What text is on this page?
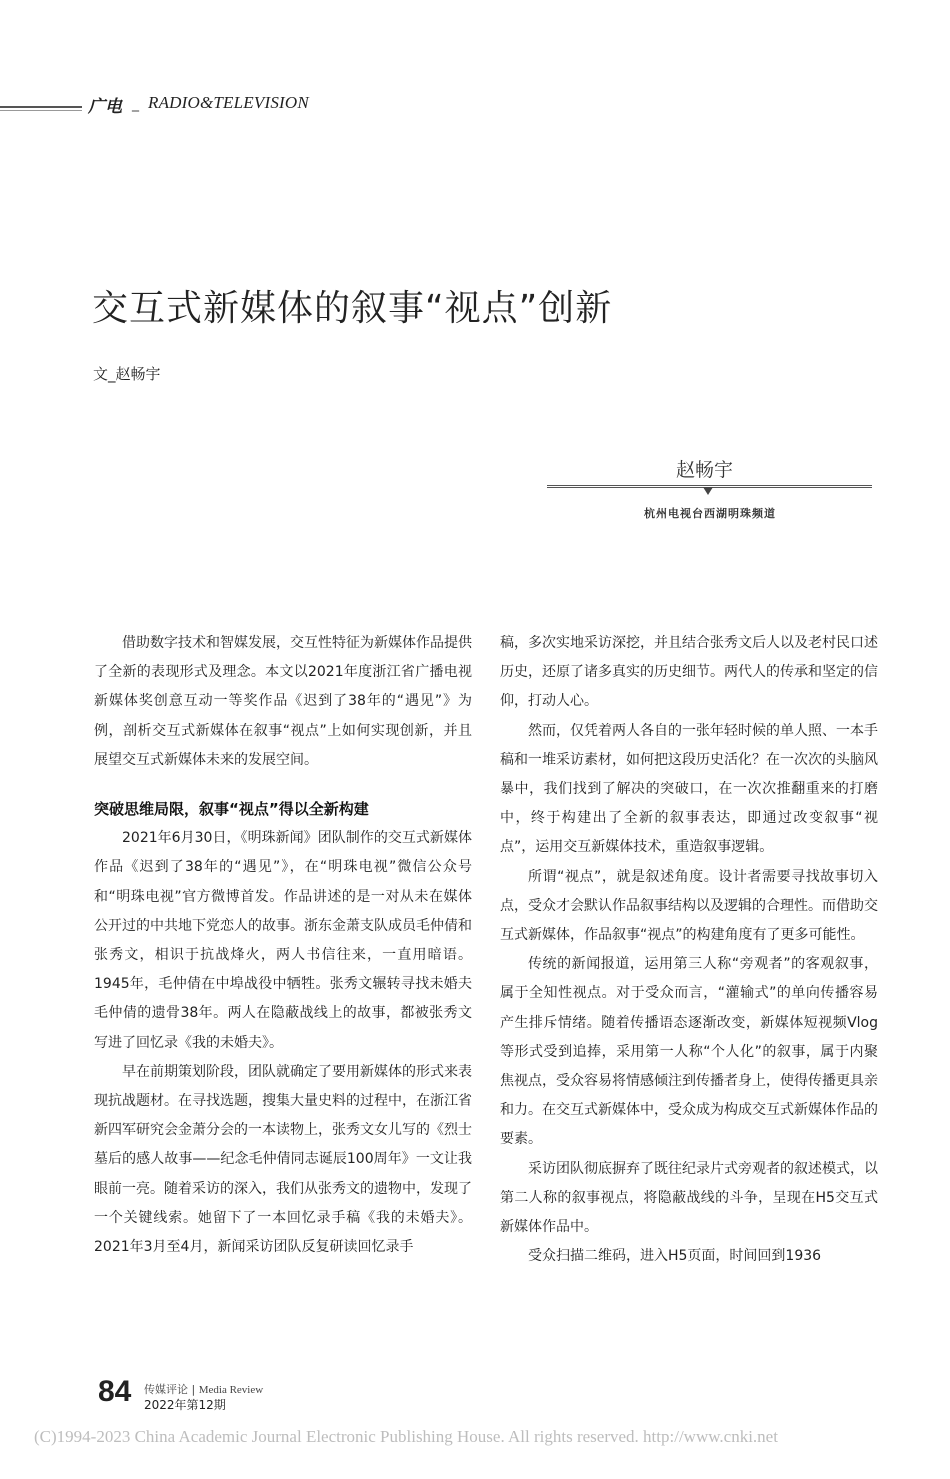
广电 _ RADIO&TELEVISION
交互式新媒体的叙事“视点”创新
文_赵畅宇
赵畅宇
杭州电视台西湖明珠频道

借助数字技术和智媒发展，交互性特征为新媒体作品提供了全新的表现形式及理念。本文以2021年度浙江省广播电视新媒体奖创意互动一等奖作品《迟到了38年的“遇见”》为例，剖析交互式新媒体在叙事“视点”上如何实现创新，并且展望交互式新媒体未来的发展空间。

突破思维局限，叙事“视点”得以全新构建

2021年6月30日，《明珠新闻》团队制作的交互式新媒体作品《迟到了38年的“遇见”》，在“明珠电视”微信公众号和“明珠电视”官方微博首发。作品讲述的是一对从未在媒体公开过的中共地下党恋人的故事。浙东金萧支队成员毛仲倩和张秀文，相识于抗战烽火，两人书信往来，一直用暗语。1945年，毛仲倩在中埠战役中牺牲。张秀文辗转寻找未婚夫毛仲倩的遗骨38年。两人在隐蔽战线上的故事，都被张秀文写进了回忆录《我的未婚夫》。

早在前期策划阶段，团队就确定了要用新媒体的形式来表现抗战题材。在寻找选题，搜集大量史料的过程中，在浙江省新四军研究会金萧分会的一本读物上，张秀文女儿写的《烈士墓后的感人故事——纪念毛仲倩同志诞辰100周年》一文让我眼前一亮。随着采访的深入，我们从张秀文的遗物中，发现了一个关键线索。她留下了一本回忆录手稿《我的未婚夫》。2021年3月至4月，新闻采访团队反复研读回忆录手

稿，多次实地采访深挖，并且结合张秀文后人以及老村民口述历史，还原了诸多真实的历史细节。两代人的传承和坚定的信仰，打动人心。

然而，仅凭着两人各自的一张年轻时候的单人照、一本手稿和一堆采访素材，如何把这段历史活化？在一次次的头脑风暴中，我们找到了解决的突破口，在一次次推翻重来的打磨中，终于构建出了全新的叙事表达，即通过改变叙事“视点”，运用交互新媒体技术，重造叙事逻辑。

所谓“视点”，就是叙述角度。设计者需要寻找故事切入点，受众才会默认作品叙事结构以及逻辑的合理性。而借助交互式新媒体，作品叙事“视点”的构建角度有了更多可能性。

传统的新闻报道，运用第三人称“旁观者”的客观叙事，属于全知性视点。对于受众而言，“灌输式”的单向传播容易产生排斥情绪。随着传播语态逐渐改变，新媒体短视频Vlog等形式受到追捧，采用第一人称“个人化”的叙事，属于内聚焦视点，受众容易将情感倾注到传播者身上，使得传播更具亲和力。在交互式新媒体中，受众成为构成交互式新媒体作品的要素。

采访团队彻底摒弃了既往纪录片式旁观者的叙述模式，以第二人称的叙事视点，将隐蔽战线的斗争，呈现在H5交互式新媒体作品中。

受众扫描二维码，进入H5页面，时间回到1936

84 传媒评论 | Media Review
2022年第12期
(C)1994-2023 China Academic Journal Electronic Publishing House. All rights reserved. http://www.cnki.net
